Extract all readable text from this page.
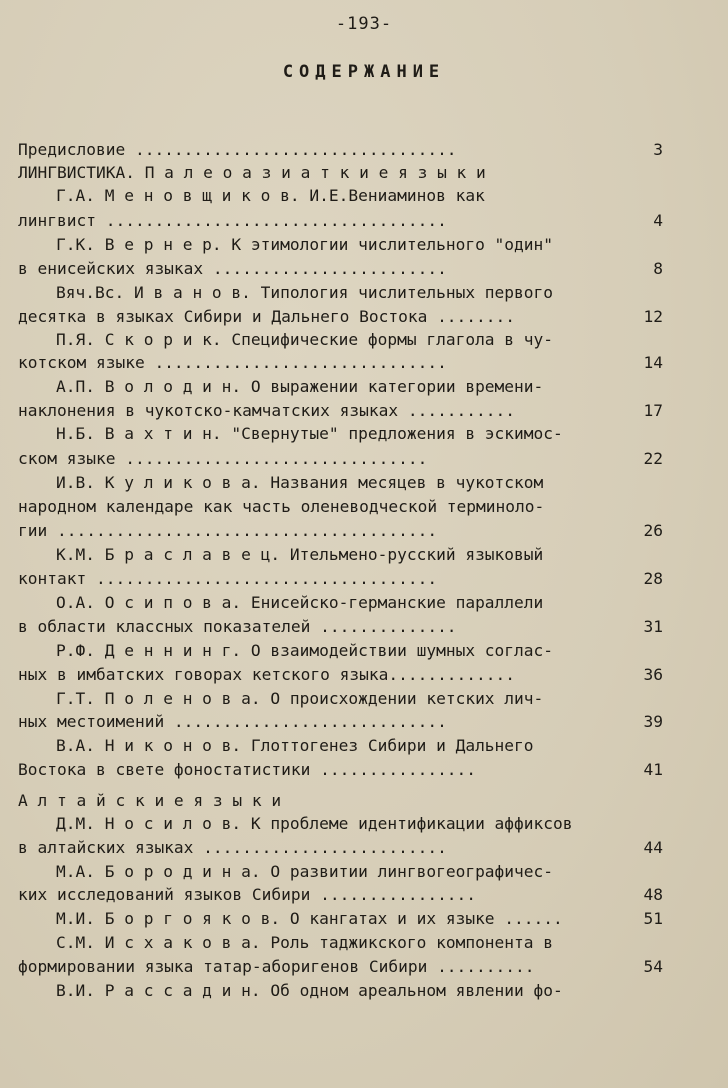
-193-
СОДЕРЖАНИЕ
Предисловие .................................	3
ЛИНГВИСТИКА. П а л е о а з и а т к и е я з ы к и
Г.А. М е н о в щ и к о в. И.Е.Вениаминов как
лингвист ...................................	4
Г.К. В е р н е р. К этимологии числительного "один"
в енисейских языках ........................	8
Вяч.Вс. И в а н о в. Типология числительных первого
десятка в языках Сибири и Дальнего Востока ........	12
П.Я. С к о р и к. Специфические формы глагола в чу-
котском языке ..............................	14
А.П. В о л о д и н. О выражении категории времени-
наклонения в чукотско-камчатских языках ...........	17
Н.Б. В а х т и н. "Свернутые" предложения в эскимос-
ском языке ...............................	22
И.В. К у л и к о в а. Названия месяцев в чукотском
народном календаре как часть оленеводческой терминоло-
гии .......................................	26
К.М. Б р а с л а в е ц. Ительмено-русский языковый
контакт ...................................	28
О.А. О с и п о в а. Енисейско-германские параллели
в области классных показателей ..............	31
Р.Ф. Д е н н и н г. О взаимодействии шумных соглас-
ных в имбатских говорах кетского языка.............	36
Г.Т. П о л е н о в а. О происхождении кетских лич-
ных местоимений ............................	39
В.А. Н и к о н о в. Глоттогенез Сибири и Дальнего
Востока в свете фоностатистики ................	41
А л т а й с к и е я з ы к и
Д.М. Н о с и л о в. К проблеме идентификации аффиксов
в алтайских языках .........................	44
М.А. Б о р о д и н а. О развитии лингвогеографичес-
ких исследований языков Сибири ................	48
М.И. Б о р г о я к о в. О кангатах и их языке ......	51
С.М. И с х а к о в а. Роль таджикского компонента в
формировании языка татар-аборигенов Сибири ..........	54
В.И. Р а с с а д и н. Об одном ареальном явлении фо-
